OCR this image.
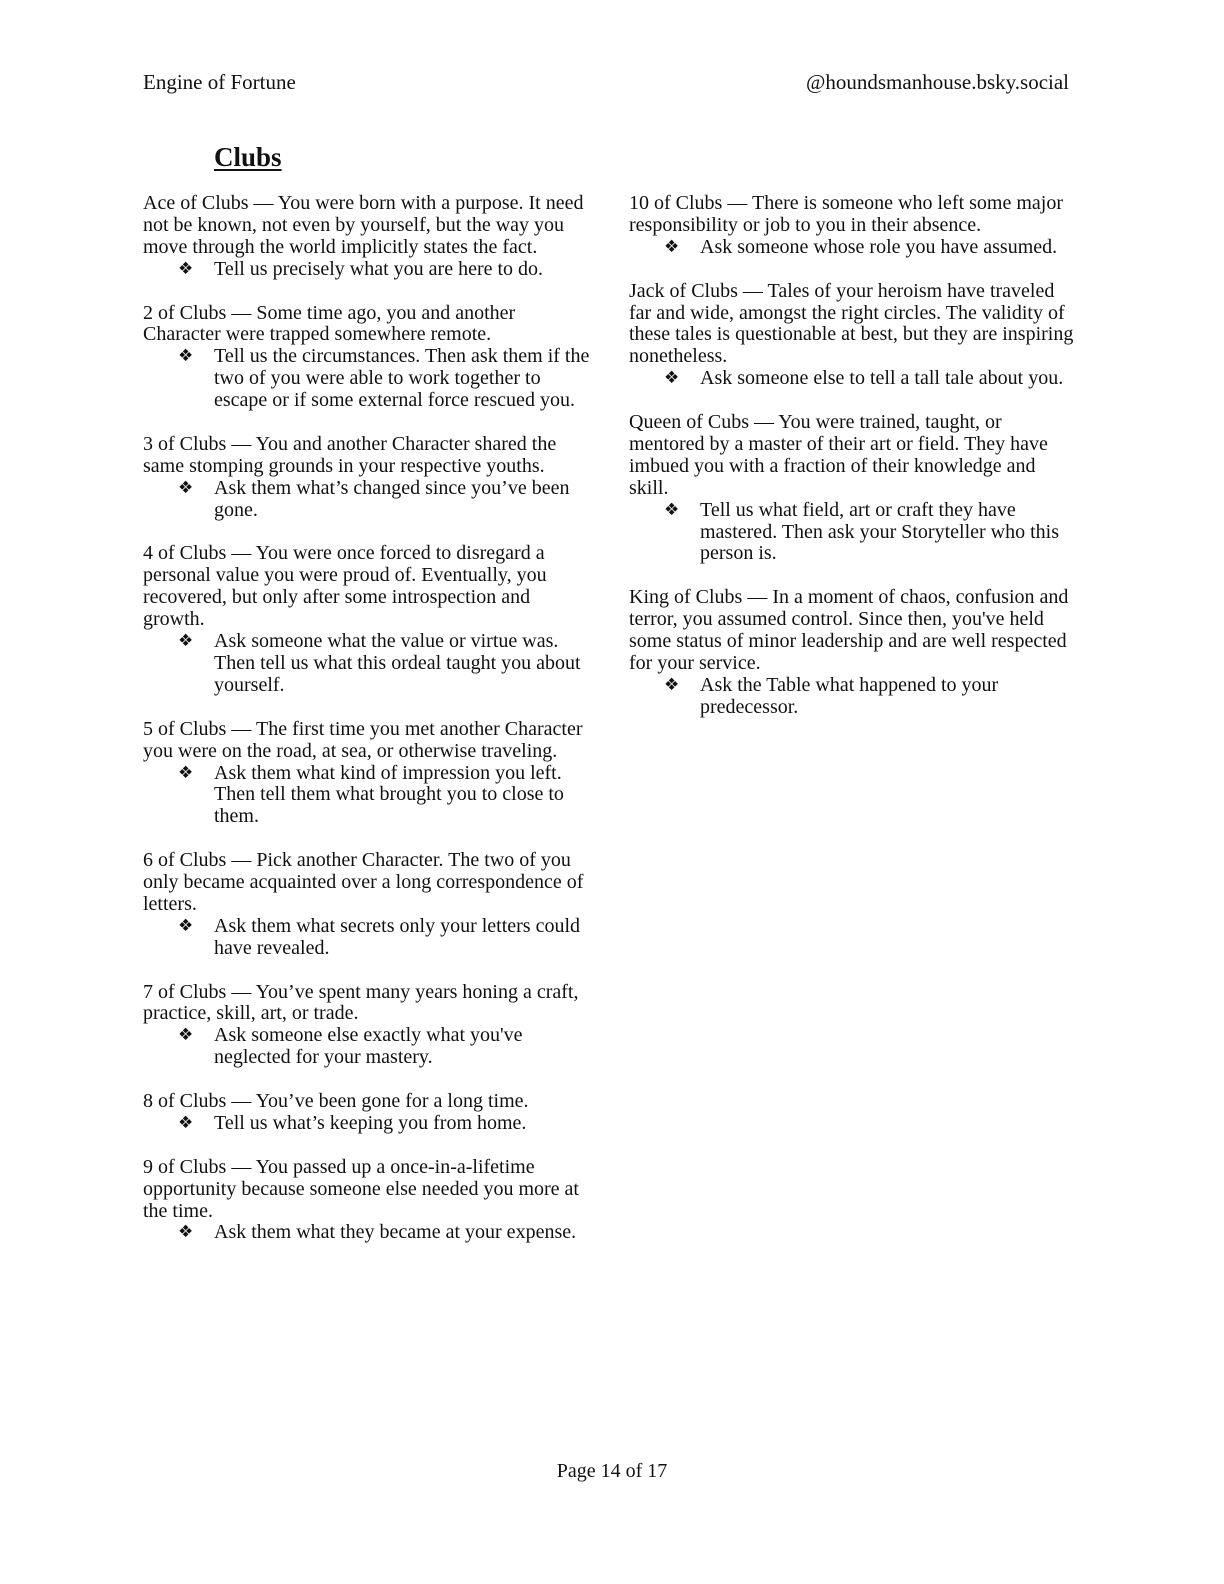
Engine of Fortune	@houndsmanhouse.bsky.social
Clubs
Ace of Clubs — You were born with a purpose. It need not be known, not even by yourself, but the way you move through the world implicitly states the fact.
❖	Tell us precisely what you are here to do.
2 of Clubs — Some time ago, you and another Character were trapped somewhere remote.
❖	Tell us the circumstances. Then ask them if the two of you were able to work together to escape or if some external force rescued you.
3 of Clubs — You and another Character shared the same stomping grounds in your respective youths.
❖	Ask them what’s changed since you’ve been gone.
4 of Clubs — You were once forced to disregard a personal value you were proud of. Eventually, you recovered, but only after some introspection and growth.
❖	Ask someone what the value or virtue was. Then tell us what this ordeal taught you about yourself.
5 of Clubs — The first time you met another Character you were on the road, at sea, or otherwise traveling.
❖	Ask them what kind of impression you left. Then tell them what brought you to close to them.
6 of Clubs — Pick another Character. The two of you only became acquainted over a long correspondence of letters.
❖	Ask them what secrets only your letters could have revealed.
7 of Clubs — You’ve spent many years honing a craft, practice, skill, art, or trade.
❖	Ask someone else exactly what you've neglected for your mastery.
8 of Clubs — You’ve been gone for a long time.
❖	Tell us what’s keeping you from home.
9 of Clubs — You passed up a once-in-a-lifetime opportunity because someone else needed you more at the time.
❖	Ask them what they became at your expense.
10 of Clubs — There is someone who left some major responsibility or job to you in their absence.
❖	Ask someone whose role you have assumed.
Jack of Clubs — Tales of your heroism have traveled far and wide, amongst the right circles. The validity of these tales is questionable at best, but they are inspiring nonetheless.
❖	Ask someone else to tell a tall tale about you.
Queen of Cubs — You were trained, taught, or mentored by a master of their art or field. They have imbued you with a fraction of their knowledge and skill.
❖	Tell us what field, art or craft they have mastered. Then ask your Storyteller who this person is.
King of Clubs — In a moment of chaos, confusion and terror, you assumed control. Since then, you've held some status of minor leadership and are well respected for your service.
❖	Ask the Table what happened to your predecessor.
Page 14 of 17
